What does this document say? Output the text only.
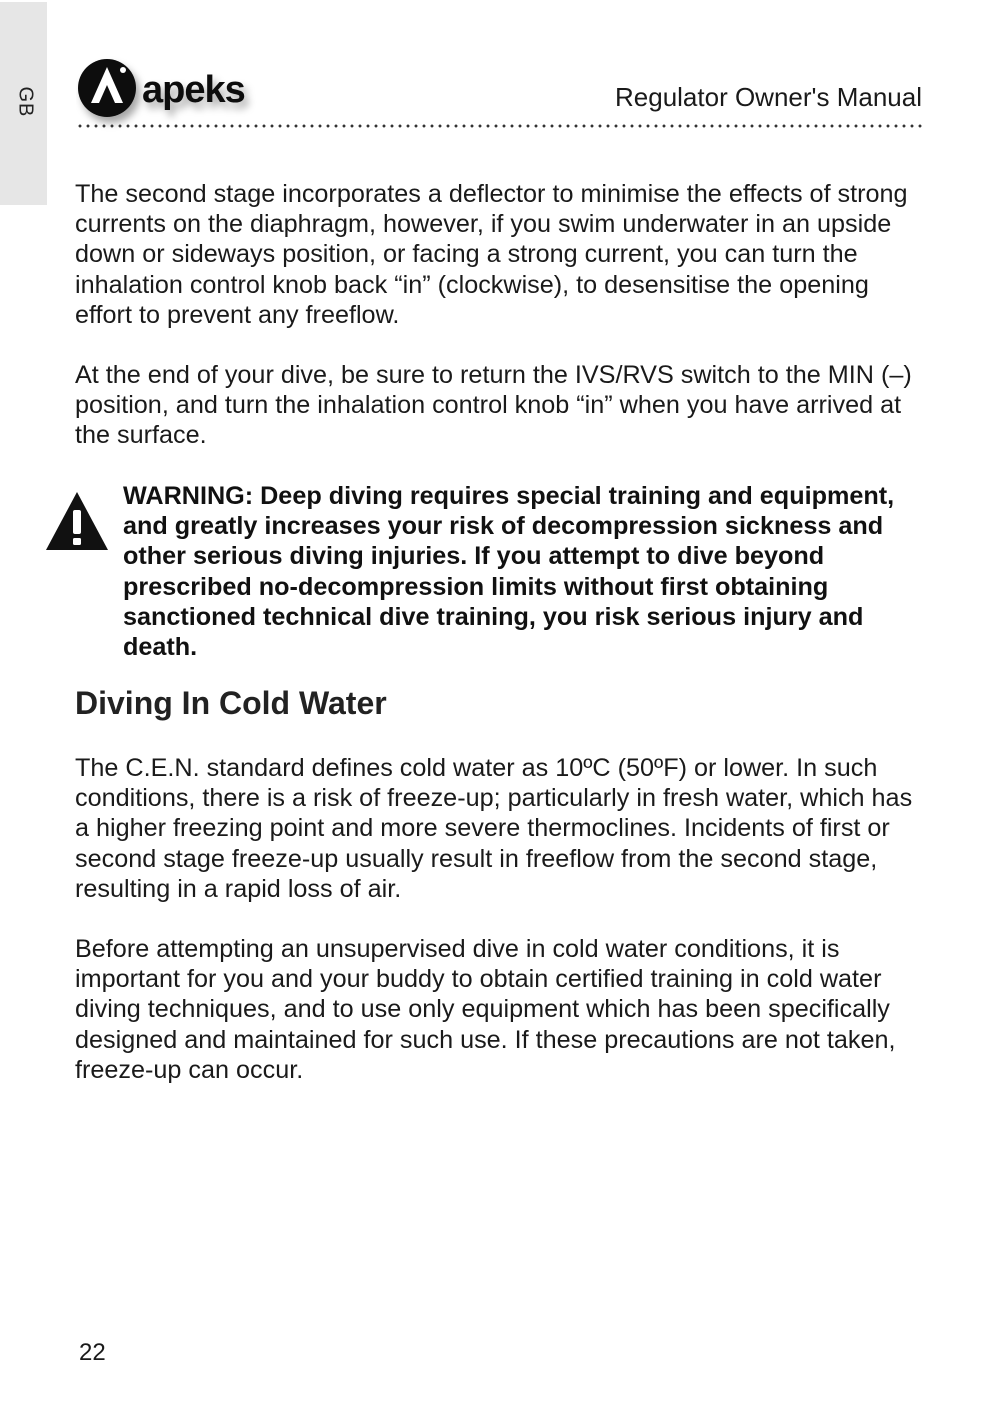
GB	apeks	Regulator Owner's Manual

The second stage incorporates a deflector to minimise the effects of strong currents on the diaphragm, however, if you swim underwater in an upside down or sideways position, or facing a strong current, you can turn the inhalation control knob back “in” (clockwise), to desensitise the opening effort to prevent any freeflow.

At the end of your dive, be sure to return the IVS/RVS switch to the MIN (–) position, and turn the inhalation control knob “in” when you have arrived at the surface.

WARNING: Deep diving requires special training and equipment, and greatly increases your risk of decompression sickness and other serious diving injuries. If you attempt to dive beyond prescribed no-decompression limits without first obtaining sanctioned technical dive training, you risk serious injury and death.

Diving In Cold Water

The C.E.N. standard defines cold water as 10ºC (50ºF) or lower. In such conditions, there is a risk of freeze-up; particularly in fresh water, which has a higher freezing point and more severe thermoclines. Incidents of first or second stage freeze-up usually result in freeflow from the second stage, resulting in a rapid loss of air.

Before attempting an unsupervised dive in cold water conditions, it is important for you and your buddy to obtain certified training in cold water diving techniques, and to use only equipment which has been specifically designed and maintained for such use. If these precautions are not taken, freeze-up can occur.

22
